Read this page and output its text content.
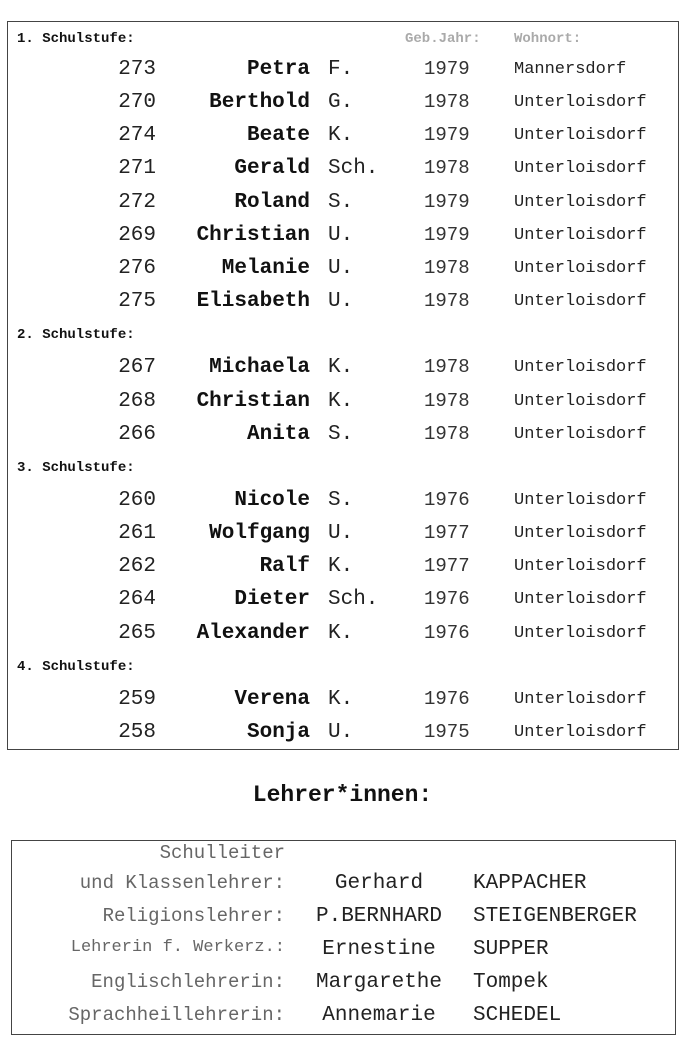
1. Schulstufe:	Geb.Jahr: Wohnort:
273	Petra F.	1979	Mannersdorf
270	Berthold G.	1978	Unterloisdorf
274	Beate K.	1979	Unterloisdorf
271	Gerald Sch. 1978	Unterloisdorf
272	Roland S.	1979	Unterloisdorf
269	Christian U.	1979	Unterloisdorf
276	Melanie U.	1978	Unterloisdorf
275	Elisabeth U.	1978	Unterloisdorf
2. Schulstufe:
267	Michaela K.	1978	Unterloisdorf
268	Christian K.	1978	Unterloisdorf
266	Anita S.	1978	Unterloisdorf
3. Schulstufe:
260	Nicole S.	1976	Unterloisdorf
261	Wolfgang U.	1977	Unterloisdorf
262	Ralf K.	1977	Unterloisdorf
264	Dieter Sch. 1976	Unterloisdorf
265	Alexander K.	1976	Unterloisdorf
4. Schulstufe:
259	Verena K.	1976	Unterloisdorf
258	Sonja U.	1975	Unterloisdorf
Lehrer*innen:
Schulleiter
und Klassenlehrer:	Gerhard	KAPPACHER
Religionslehrer:	P.BERNHARD	STEIGENBERGER
Lehrerin f. Werkerz.:	Ernestine	SUPPER
Englischlehrerin:	Margarethe	Tompek
Sprachheillehrerin:	Annemarie	SCHEDEL
